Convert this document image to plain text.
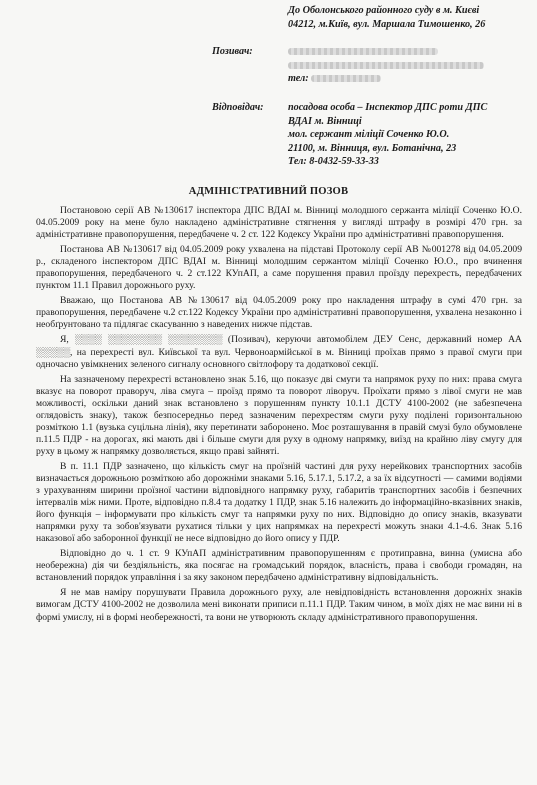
До Оболонського районного суду в м. Києві
04212, м.Київ, вул. Маршала Тимошенко, 26
Позивач:
тел:
Відповідач: посадова особа – Інспектор ДПС роти ДПС
ВДАІ м. Вінниці
мол. сержант міліції Соченко Ю.О.
21100, м. Вінниця, вул. Ботанічна, 23
Тел: 8-0432-59-33-33
АДМІНІСТРАТИВНИЙ ПОЗОВ

Постановою серії АВ №130617 інспектора ДПС ВДАІ м. Вінниці молодшого сержанта міліції Соченко Ю.О. 04.05.2009 року на мене було накладено адміністративне стягнення у вигляді штрафу в розмірі 470 грн. за адміністративне правопорушення, передбачене ч. 2 ст. 122 Кодексу України про адміністративні правопорушення.

Постанова АВ №130617 від 04.05.2009 року ухвалена на підставі Протоколу серії АВ №001278 від 04.05.2009 р., складеного інспектором ДПС ВДАІ м. Вінниці молодшим сержантом міліції Соченко Ю.О., про вчинення правопорушення, передбаченого ч. 2 ст.122 КУпАП, а саме порушення правил проїзду перехресть, передбачених пунктом 11.1 Правил дорожнього руху.

Вважаю, що Постанова АВ №130617 від 04.05.2009 року про накладення штрафу в сумі 470 грн. за правопорушення, передбачене ч.2 ст.122 Кодексу України про адміністративні правопорушення, ухвалена незаконно і необґрунтовано та підлягає скасуванню з наведених нижче підстав.

Я, ░░░░ ░░░░░░░░ ░░░░░░░░ (Позивач), керуючи автомобілем ДЕУ Сенс, державний номер АА ░░░░░, на перехресті вул. Київської та вул. Червоноармійської в м. Вінниці проїхав прямо з правої смуги при одночасно увімкнених зеленого сигналу основного світлофору та додаткової секції.

На зазначеному перехресті встановлено знак 5.16, що показує дві смуги та напрямок руху по них: права смуга вказує на поворот праворуч, ліва смуга – проїзд прямо та поворот ліворуч. Проїхати прямо з лівої смуги не мав можливості, оскільки даний знак встановлено з порушенням пункту 10.1.1 ДСТУ 4100-2002 (не забезпечена оглядовість знаку), також безпосередньо перед зазначеним перехрестям смуги руху поділені горизонтальною розміткою 1.1 (вузька суцільна лінія), яку перетинати заборонено. Моє розташування в правій смузі було обумовлене п.11.5 ПДР - на дорогах, які мають дві і більше смуги для руху в одному напрямку, виїзд на крайню ліву смугу для руху в цьому ж напрямку дозволяється, якщо праві зайняті.

В п. 11.1 ПДР зазначено, що кількість смуг на проїзній частині для руху нерейкових транспортних засобів визначається дорожньою розміткою або дорожніми знаками 5.16, 5.17.1, 5.17.2, а за їх відсутності — самими водіями з урахуванням ширини проїзної частини відповідного напрямку руху, габаритів транспортних засобів і безпечних інтервалів між ними. Проте, відповідно п.8.4 та додатку 1 ПДР, знак 5.16 належить до інформаційно-вказівних знаків, його функція – інформувати про кількість смуг та напрямки руху по них. Відповідно до опису знаків, вказувати напрямки руху та зобов'язувати рухатися тільки у цих напрямках на перехресті можуть знаки 4.1-4.6. Знак 5.16 наказової або заборонної функції не несе відповідно до його опису у ПДР.

Відповідно до ч. 1 ст. 9 КУпАП адміністративним правопорушенням є протиправна, винна (умисна або необережна) дія чи бездіяльність, яка посягає на громадський порядок, власність, права і свободи громадян, на встановлений порядок управління і за яку законом передбачено адміністративну відповідальність.

Я не мав наміру порушувати Правила дорожнього руху, але невідповідність встановлення дорожніх знаків вимогам ДСТУ 4100-2002 не дозволила мені виконати приписи п.11.1 ПДР. Таким чином, в моїх діях не має вини ні в формі умислу, ні в формі необережності, та вони не утворюють складу адміністративного правопорушення.
